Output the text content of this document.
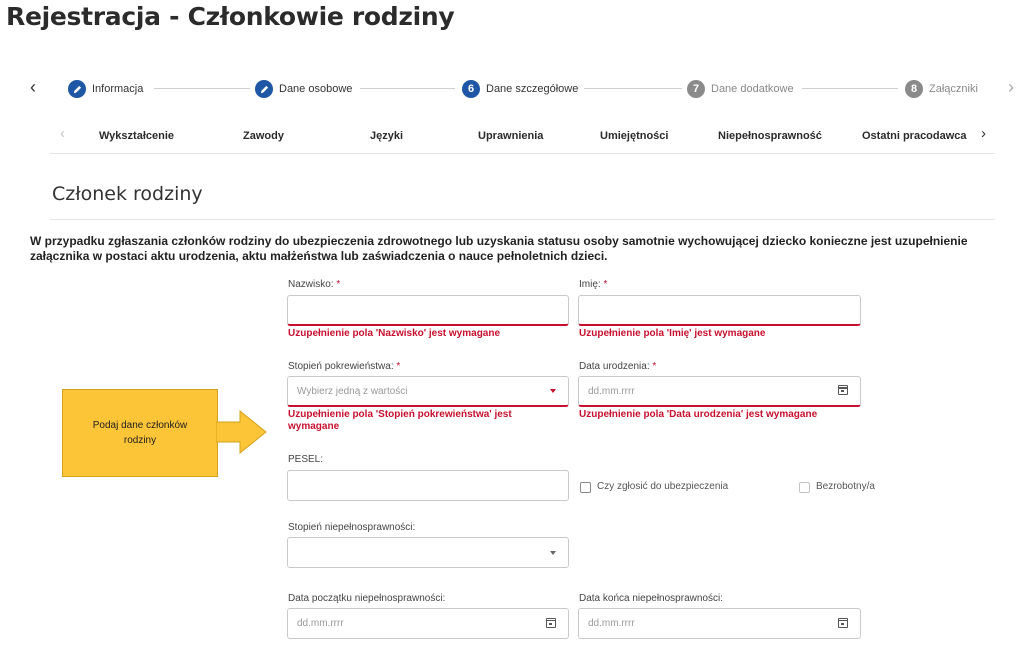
Rejestracja - Członkowie rodziny
‹	›
Informacja	Dane osobowe	6	Dane szczegółowe	7	Dane dodatkowe	8	Załączniki
‹	Wykształcenie	Zawody	Języki	Uprawnienia	Umiejętności	Niepełnosprawność	Ostatni pracodawca ›
Członek rodziny
W przypadku zgłaszania członków rodziny do ubezpieczenia zdrowotnego lub uzyskania statusu osoby samotnie wychowującej dziecko konieczne jest uzupełnienie załącznika w postaci aktu urodzenia, aktu małżeństwa lub zaświadczenia o nauce pełnoletnich dzieci.
Nazwisko: *
Uzupełnienie pola 'Nazwisko' jest wymagane
Imię: *
Uzupełnienie pola 'Imię' jest wymagane
Stopień pokrewieństwa: *
Wybierz jedną z wartości
Uzupełnienie pola 'Stopień pokrewieństwa' jest wymagane
Data urodzenia: *
dd.mm.rrrr
Uzupełnienie pola 'Data urodzenia' jest wymagane
PESEL:
Czy zgłosić do ubezpieczenia	Bezrobotny/a
Stopień niepełnosprawności:
Data początku niepełnosprawności:
dd.mm.rrrr
Data końca niepełnosprawności:
dd.mm.rrrr
Podaj dane członków rodziny
